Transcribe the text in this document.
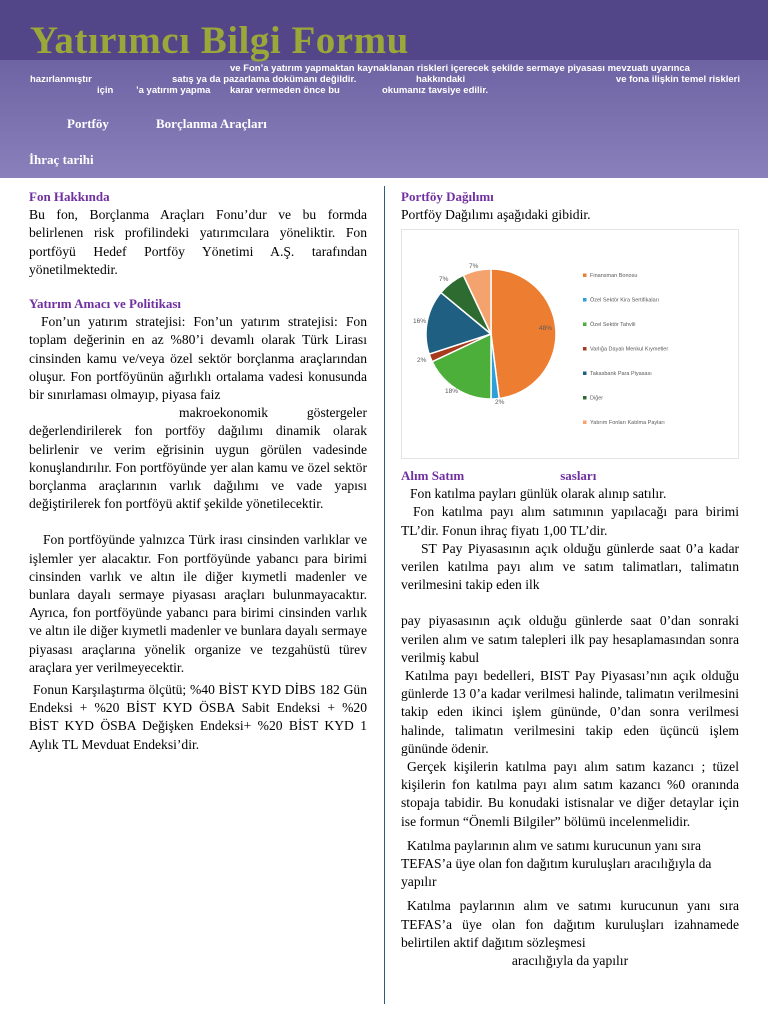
Yatırımcı Bilgi Formu
ve Fon’a yatırım yapmaktan kaynaklanan riskleri içerecek şekilde sermaye piyasası mevzuatı uyarınca
hazırlanmıştır	satış ya da pazarlama dokümanı değildir.	hakkındaki	ve fona ilişkin temel riskleri
için ’a yatırım yapma karar vermeden önce bu	okumanız tavsiye edilir.
Portföy	Borçlanma Araçları
İhraç tarihi
Fon Hakkında
Bu fon, Borçlanma Araçları Fonu’dur ve bu formda belirlenen risk profilindeki yatırımcılara yöneliktir. Fon portföyü Hedef Portföy Yönetimi A.Ş. tarafından yönetilmektedir.
Yatırım Amacı ve Politikası
Fon’un yatırım stratejisi: Fon’un yatırım stratejisi: Fon toplam değerinin en az %80’i devamlı olarak Türk Lirası cinsinden kamu ve/veya özel sektör borçlanma araçlarından oluşur. Fon portföyünün ağırlıklı ortalama vadesi konusunda bir sınırlaması olmayıp, piyasa faiz
makroekonomik	göstergeler
değerlendirilerek fon portföy dağılımı dinamik olarak belirlenir ve verim eğrisinin uygun görülen vadesinde konuşlandırılır. Fon portföyünde yer alan kamu ve özel sektör borçlanma araçlarının varlık dağılımı ve vade yapısı değiştirilerek fon portföyü aktif şekilde yönetilecektir.
Fon portföyünde yalnızca Türk irası cinsinden varlıklar ve işlemler yer alacaktır. Fon portföyünde yabancı para birimi cinsinden varlık ve altın ile diğer kıymetli madenler ve bunlara dayalı sermaye piyasası araçları bulunmayacaktır. Ayrıca, fon portföyünde yabancı para birimi cinsinden varlık ve altın ile diğer kıymetli madenler ve bunlara dayalı sermaye piyasası araçlarına yönelik organize ve tezgahüstü türev araçlara yer verilmeyecektir.
Fonun Karşılaştırma ölçütü; %40 BİST KYD DİBS 182 Gün Endeksi + %20 BİST KYD ÖSBA Sabit Endeksi + %20 BİST KYD ÖSBA Değişken Endeksi+ %20 BİST KYD 1 Aylık TL Mevduat Endeksi’dir.
Portföy Dağılımı
Portföy Dağılımı aşağıdaki gibidir.
48%
2%
18%
2%
16%
7%
7%
Finansman Bonosu
Özel Sektör Kira Sertifikaları
Özel Sektör Tahvili
Varlığa Dayalı Menkul Kıymetler
Takasbank Para Piyasası
Diğer
Yatırım Fonları Katılma Payları
Alım Satım	sasları
Fon katılma payları günlük olarak alınıp satılır.
Fon katılma payı alım satımının yapılacağı para birimi TL’dir. Fonun ihraç fiyatı 1,00 TL’dir.
ST Pay Piyasasının açık olduğu günlerde saat 0’a kadar verilen katılma payı alım ve satım talimatları, talimatın verilmesini takip eden ilk
pay piyasasının açık olduğu günlerde saat 0’dan sonraki verilen alım ve satım talepleri ilk pay hesaplamasından sonra verilmiş kabul
Katılma payı bedelleri, BIST Pay Piyasası’nın açık olduğu günlerde 13 0’a kadar verilmesi halinde, talimatın verilmesini takip eden ikinci işlem gününde, 0’dan sonra verilmesi halinde, talimatın verilmesini takip eden üçüncü işlem gününde ödenir.
Gerçek kişilerin katılma payı alım satım kazancı ; tüzel kişilerin fon katılma payı alım satım kazancı %0 oranında stopaja tabidir. Bu konudaki istisnalar ve diğer detaylar için ise formun “Önemli Bilgiler” bölümü incelenmelidir.
Katılma paylarının alım ve satımı kurucunun yanı sıra TEFAS’a üye olan fon dağıtım kuruluşları aracılığıyla da yapılır
Katılma paylarının alım ve satımı kurucunun yanı sıra TEFAS’a üye olan fon dağıtım kuruluşları izahnamede belirtilen aktif dağıtım sözleşmesi
aracılığıyla da yapılır
